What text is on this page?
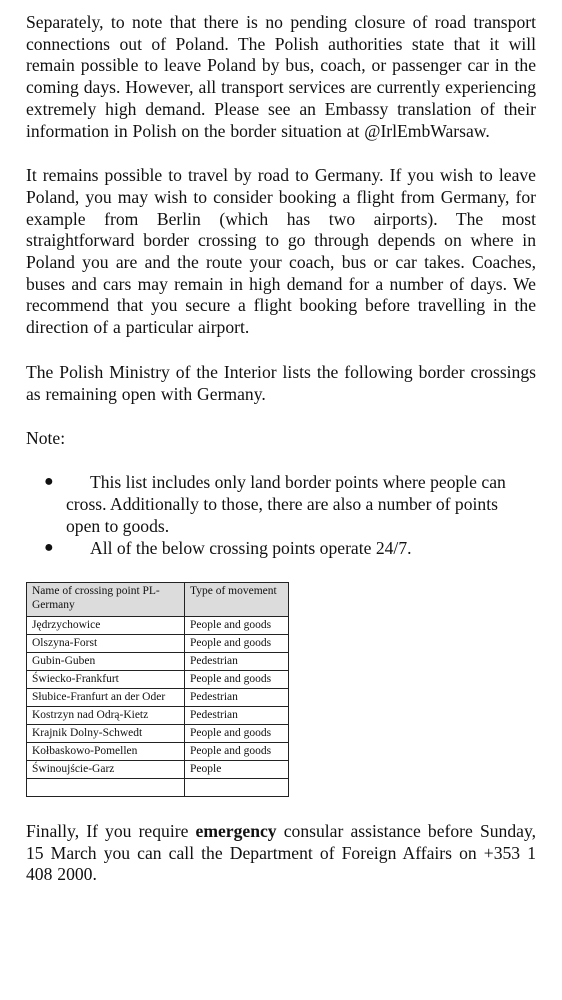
Separately, to note that there is no pending closure of road transport connections out of Poland. The Polish authorities state that it will remain possible to leave Poland by bus, coach, or passenger car in the coming days. However, all transport services are currently experiencing extremely high demand. Please see an Embassy translation of their information in Polish on the border situation at @IrlEmbWarsaw.

It remains possible to travel by road to Germany. If you wish to leave Poland, you may wish to consider booking a flight from Germany, for example from Berlin (which has two airports). The most straightforward border crossing to go through depends on where in Poland you are and the route your coach, bus or car takes. Coaches, buses and cars may remain in high demand for a number of days. We recommend that you secure a flight booking before travelling in the direction of a particular airport.

The Polish Ministry of the Interior lists the following border crossings as remaining open with Germany.

Note:

● This list includes only land border points where people can cross. Additionally to those, there are also a number of points open to goods.
● All of the below crossing points operate 24/7.
Name of crossing point PL-Germany	Type of movement
Jędrzychowice	People and goods
Olszyna-Forst	People and goods
Gubin-Guben	Pedestrian
Świecko-Frankfurt	People and goods
Słubice-Franfurt an der Oder	Pedestrian
Kostrzyn nad Odrą-Kietz	Pedestrian
Krajnik Dolny-Schwedt	People and goods
Kołbaskowo-Pomellen	People and goods
Świnoujście-Garz	People

Finally, If you require emergency consular assistance before Sunday, 15 March you can call the Department of Foreign Affairs on +353 1 408 2000.
